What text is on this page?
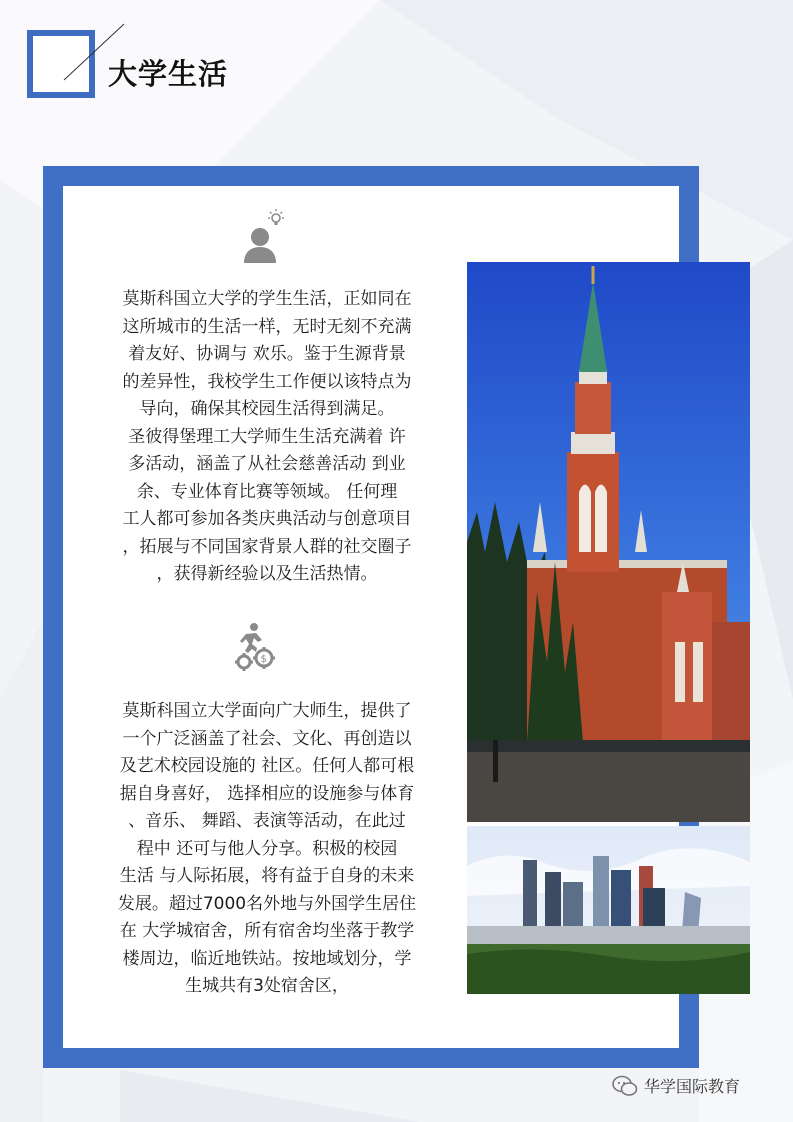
大学生活
莫斯科国立大学的学生生活，正如同在
这所城市的生活一样，无时无刻不充满
着友好、协调与 欢乐。鉴于生源背景
的差异性，我校学生工作便以该特点为
导向，确保其校园生活得到满足。
圣彼得堡理工大学师生生活充满着 许
多活动，涵盖了从社会慈善活动 到业
余、专业体育比赛等领域。 任何理
工人都可参加各类庆典活动与创意项目
，拓展与不同国家背景人群的社交圈子
，获得新经验以及生活热情。
$
莫斯科国立大学面向广大师生，提供了
一个广泛涵盖了社会、文化、再创造以
及艺术校园设施的 社区。任何人都可根
据自身喜好， 选择相应的设施参与体育
、音乐、 舞蹈、表演等活动，在此过
程中 还可与他人分享。积极的校园
生活 与人际拓展，将有益于自身的未来
发展。超过7000名外地与外国学生居住
在 大学城宿舍，所有宿舍均坐落于教学
楼周边，临近地铁站。按地域划分，学
生城共有3处宿舍区，
华学国际教育
